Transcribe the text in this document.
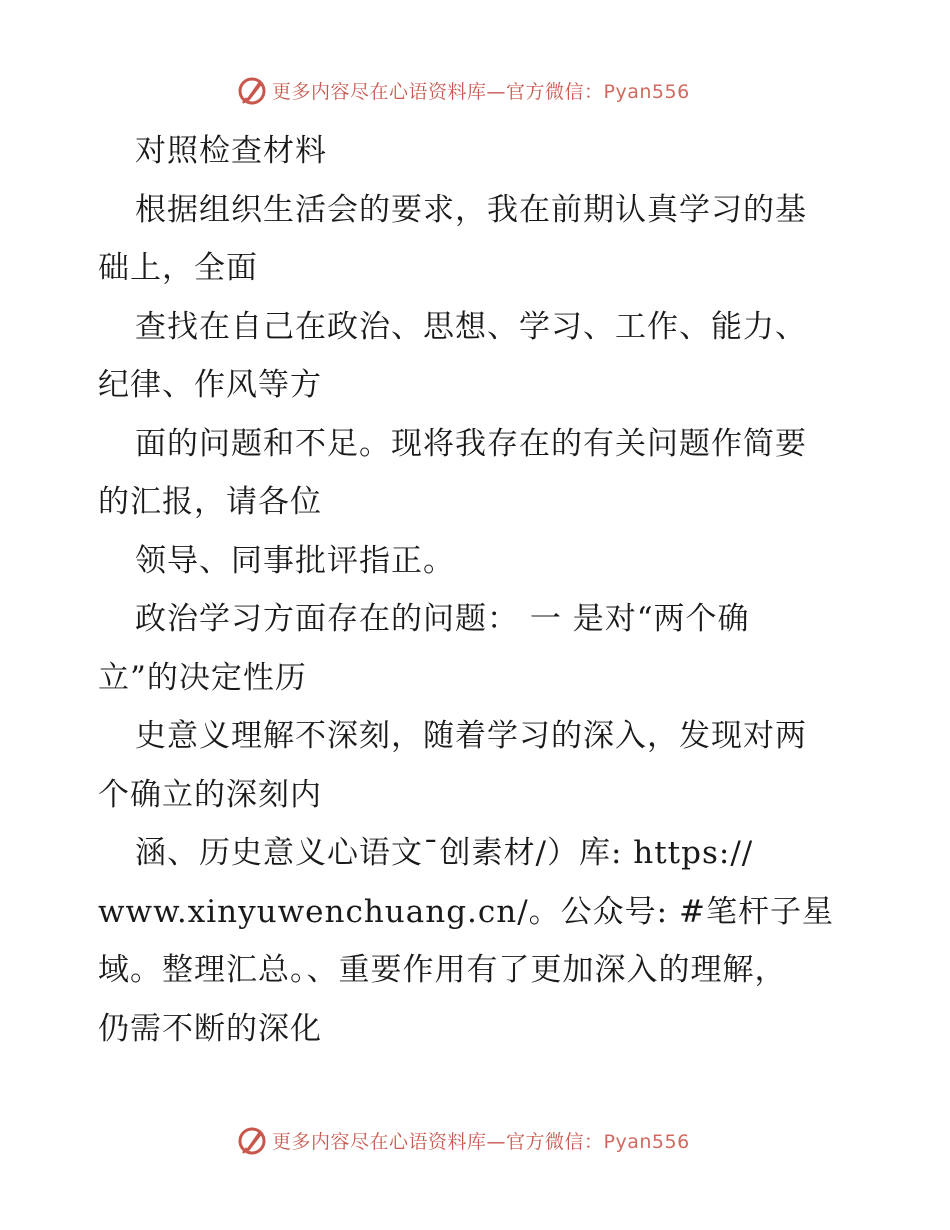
更多内容尽在心语资料库—官方微信：Pyan556
对照检查材料
根据组织生活会的要求，我在前期认真学习的基
础上，全面
查找在自己在政治、思想、学习、工作、能力、
纪律、作风等方
面的问题和不足。现将我存在的有关问题作简要
的汇报，请各位
领导、同事批评指正。
政治学习方面存在的问题： 一 是对“两个确
立”的决定性历
史意义理解不深刻，随着学习的深入，发现对两
个确立的深刻内
涵、历史意义心语文¯创素材/）库: https://
www.xinyuwenchuang.cn/。公众号: #笔杆子星
域。整理汇总。、重要作用有了更加深入的理解，
仍需不断的深化
更多内容尽在心语资料库—官方微信：Pyan556
